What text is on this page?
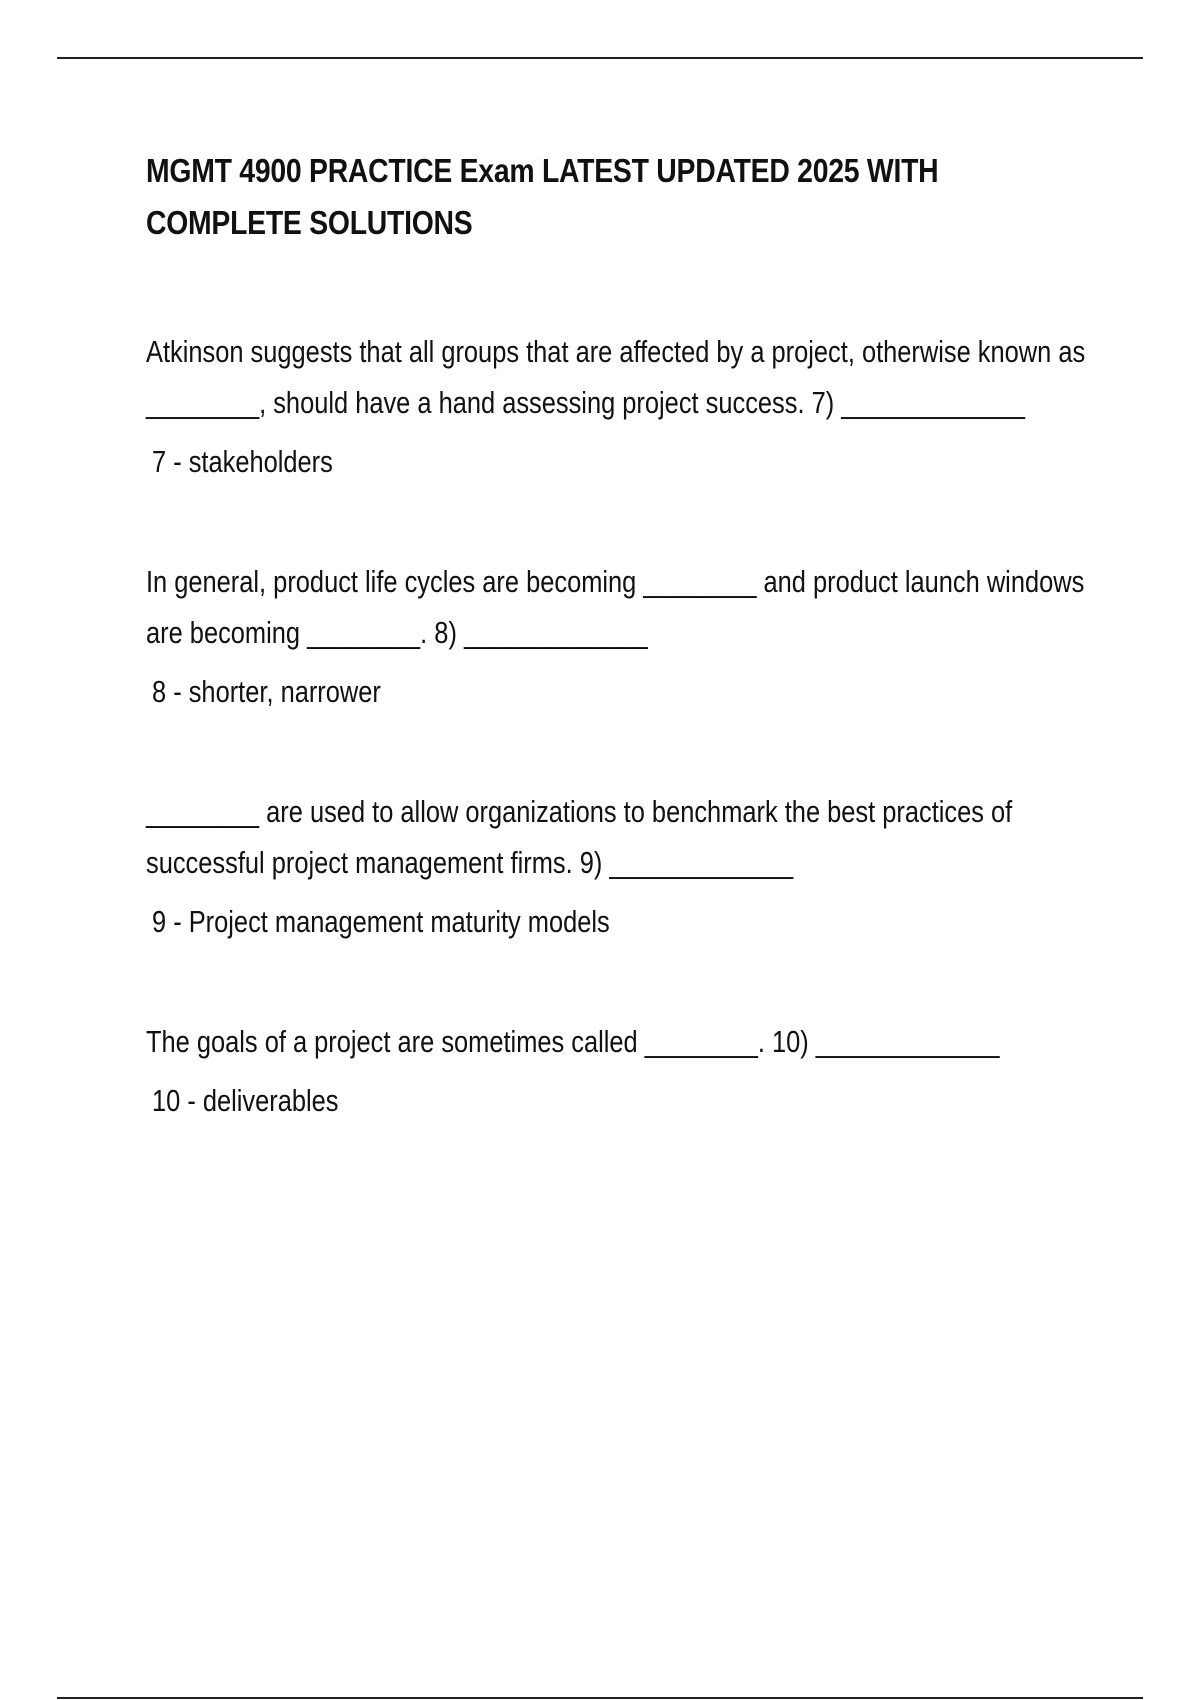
MGMT 4900 PRACTICE Exam LATEST UPDATED 2025 WITH COMPLETE SOLUTIONS

Atkinson suggests that all groups that are affected by a project, otherwise known as ________, should have a hand assessing project success. 7) _____________

7 - stakeholders

In general, product life cycles are becoming ________ and product launch windows are becoming ________. 8) _____________

8 - shorter, narrower

________ are used to allow organizations to benchmark the best practices of successful project management firms. 9) _____________

9 - Project management maturity models

The goals of a project are sometimes called ________. 10) _____________

10 - deliverables
